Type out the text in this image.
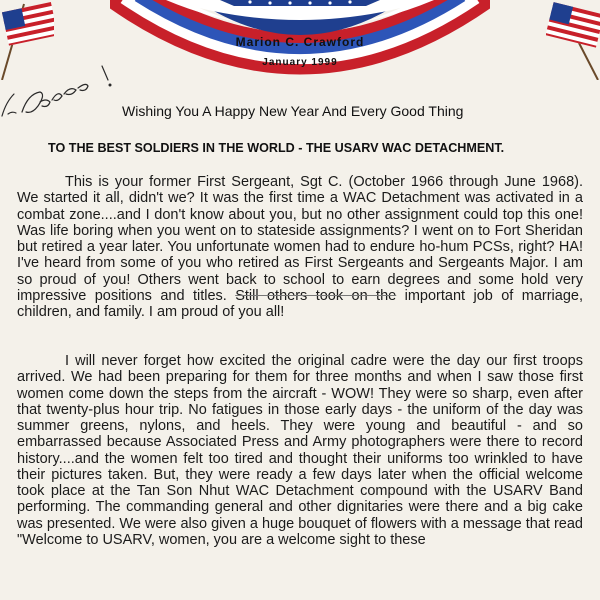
Marion C. Crawford
January 1999
Wishing You A Happy New Year And Every Good Thing
TO THE BEST SOLDIERS IN THE WORLD - THE USARV WAC DETACHMENT.
This is your former First Sergeant, Sgt C. (October 1966 through June 1968). We started it all, didn't we? It was the first time a WAC Detachment was activated in a combat zone....and I don't know about you, but no other assignment could top this one! Was life boring when you went on to stateside assignments? I went on to Fort Sheridan but retired a year later. You unfortunate women had to endure ho-hum PCSs, right? HA! I've heard from some of you who retired as First Sergeants and Sergeants Major. I am so proud of you! Others went back to school to earn degrees and some hold very impressive positions and titles. Still others took on the important job of marriage, children, and family. I am proud of you all!
I will never forget how excited the original cadre were the day our first troops arrived. We had been preparing for them for three months and when I saw those first women come down the steps from the aircraft - WOW! They were so sharp, even after that twenty-plus hour trip. No fatigues in those early days - the uniform of the day was summer greens, nylons, and heels. They were young and beautiful - and so embarrassed because Associated Press and Army photographers were there to record history....and the women felt too tired and thought their uniforms too wrinkled to have their pictures taken. But, they were ready a few days later when the official welcome took place at the Tan Son Nhut WAC Detachment compound with the USARV Band performing. The commanding general and other dignitaries were there and a big cake was presented. We were also given a huge bouquet of flowers with a message that read "Welcome to USARV, women, you are a welcome sight to these
